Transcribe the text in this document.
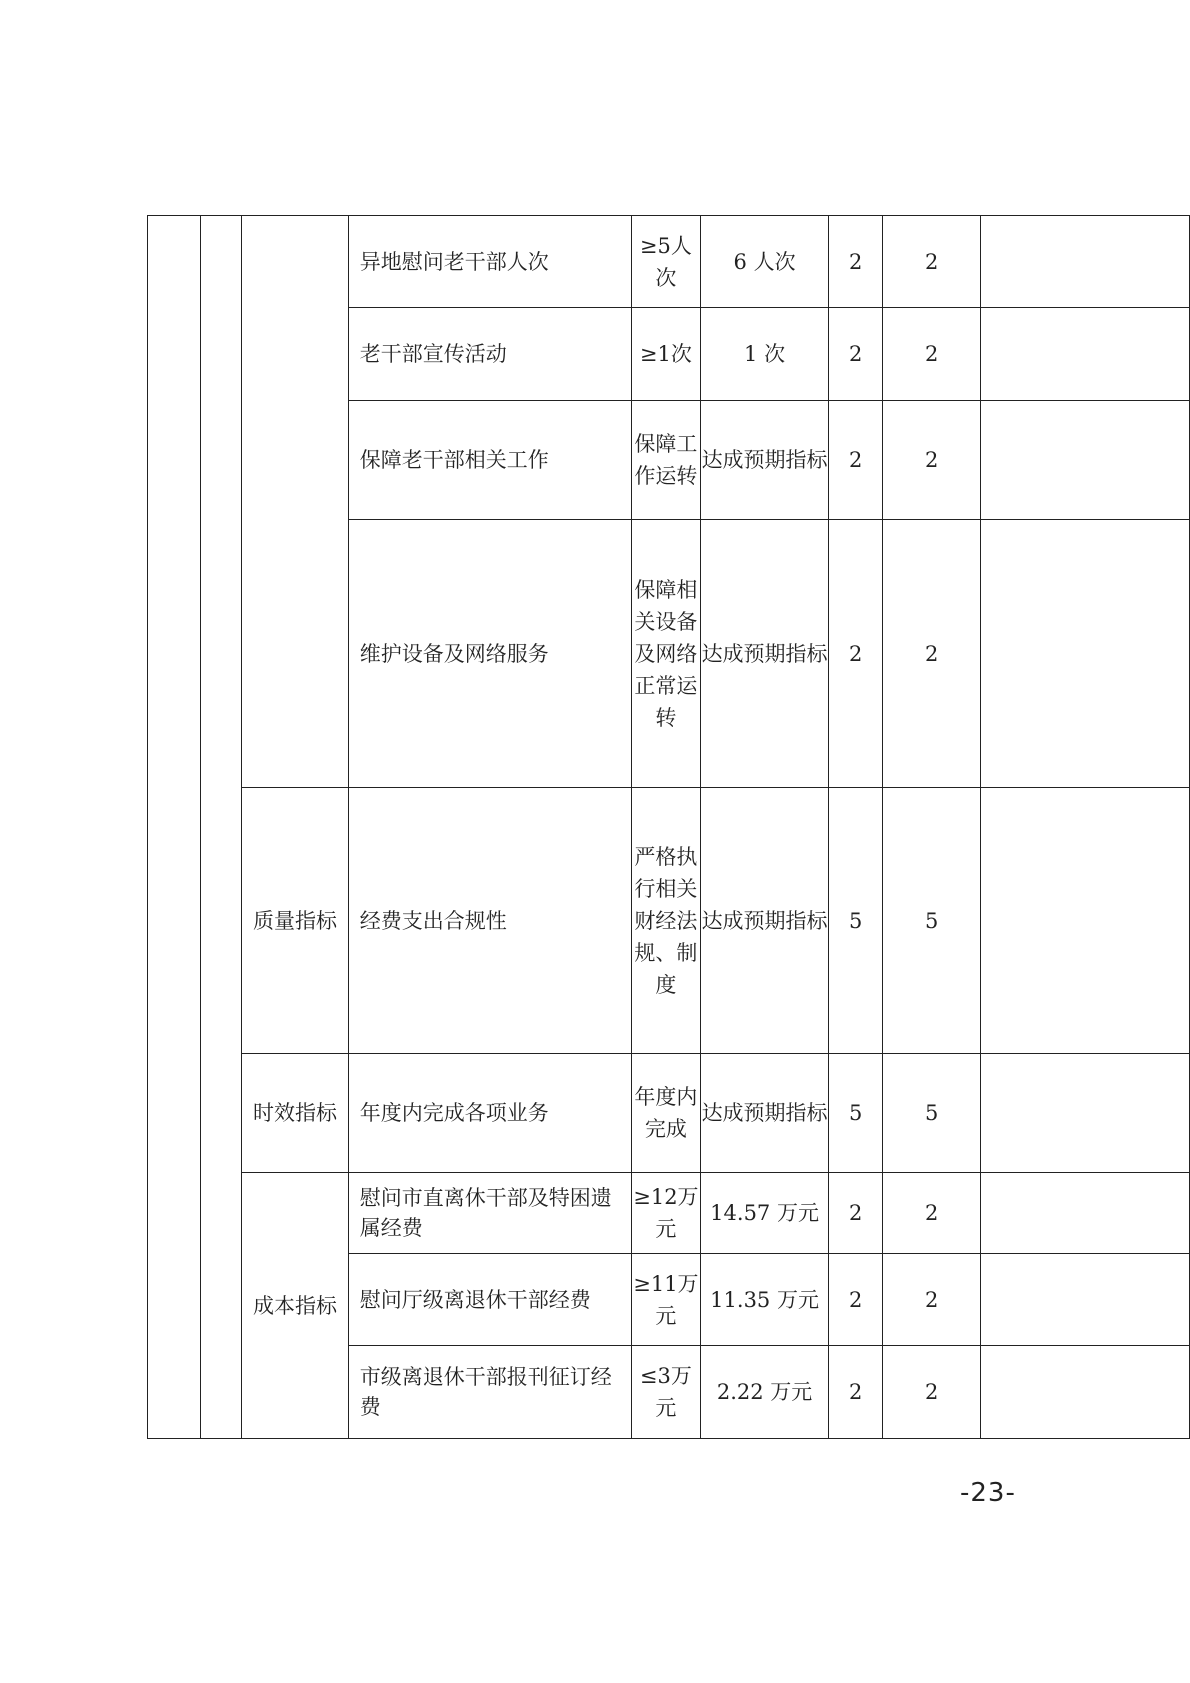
			异地慰问老干部人次	≥5人次	6 人次	2	2	
			老干部宣传活动	≥1次	1 次	2	2	
			保障老干部相关工作	保障工作运转	达成预期指标	2	2	
			维护设备及网络服务	保障相关设备及网络正常运转	达成预期指标	2	2	
		质量指标	经费支出合规性	严格执行相关财经法规、制度	达成预期指标	5	5	
		时效指标	年度内完成各项业务	年度内完成	达成预期指标	5	5	
		成本指标	慰问市直离休干部及特困遗属经费	≥12万元	14.57 万元	2	2	
			慰问厅级离退休干部经费	≥11万元	11.35 万元	2	2	
			市级离退休干部报刊征订经费	≤3万元	2.22 万元	2	2	
-23-
